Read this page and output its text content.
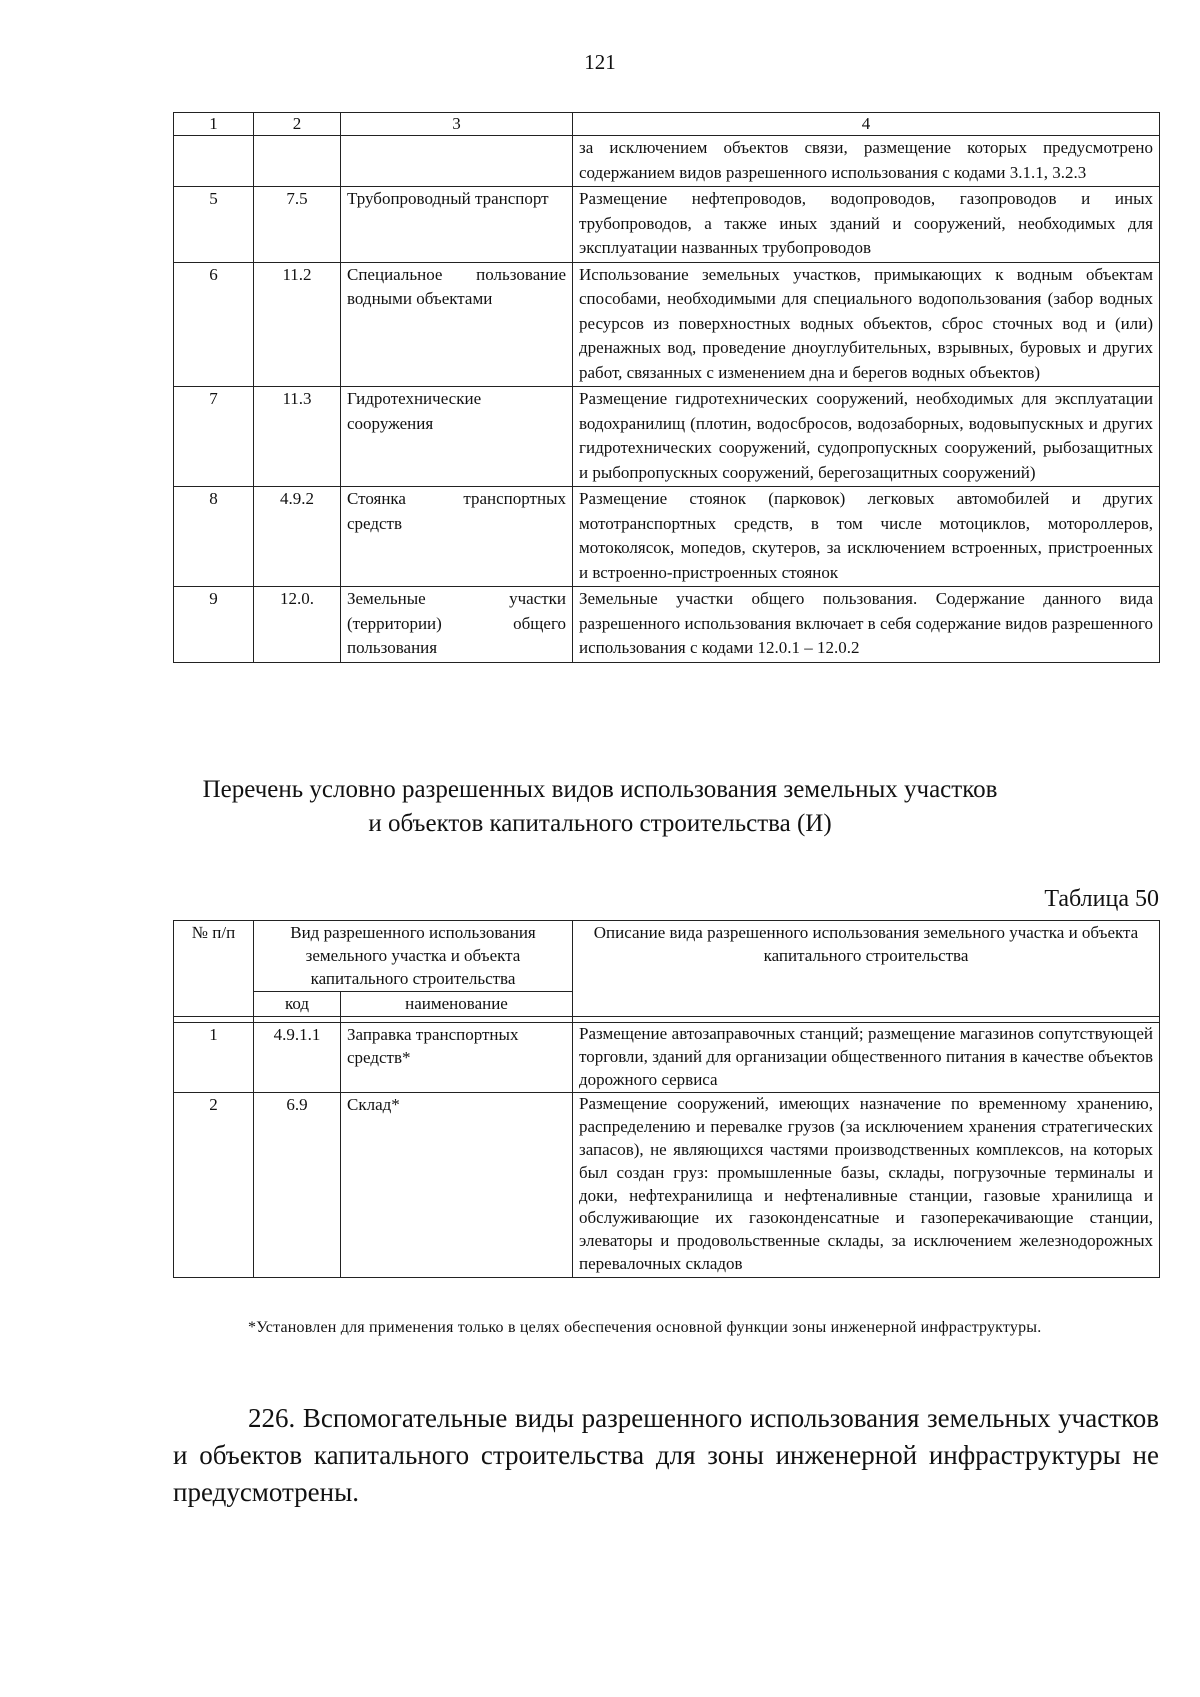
121
1	2	3	4
			за исключением объектов связи, размещение которых предусмотрено содержанием видов разрешенного использования с кодами 3.1.1, 3.2.3
5	7.5	Трубопроводный транспорт	Размещение нефтепроводов, водопроводов, газопроводов и иных трубопроводов, а также иных зданий и сооружений, необходимых для эксплуатации названных трубопроводов
6	11.2	Специальное пользование водными объектами	Использование земельных участков, примыкающих к водным объектам способами, необходимыми для специального водопользования (забор водных ресурсов из поверхностных водных объектов, сброс сточных вод и (или) дренажных вод, проведение дноуглубительных, взрывных, буровых и других работ, связанных с изменением дна и берегов водных объектов)
7	11.3	Гидротехнические сооружения	Размещение гидротехнических сооружений, необходимых для эксплуатации водохранилищ (плотин, водосбросов, водозаборных, водовыпускных и других гидротехнических сооружений, судопропускных сооружений, рыбозащитных и рыбопропускных сооружений, берегозащитных сооружений)
8	4.9.2	Стоянка транспортных средств	Размещение стоянок (парковок) легковых автомобилей и других мототранспортных средств, в том числе мотоциклов, мотороллеров, мотоколясок, мопедов, скутеров, за исключением встроенных, пристроенных и встроенно-пристроенных стоянок
9	12.0.	Земельные участки (территории) общего пользования	Земельные участки общего пользования. Содержание данного вида разрешенного использования включает в себя содержание видов разрешенного использования с кодами 12.0.1 – 12.0.2
Перечень условно разрешенных видов использования земельных участков
и объектов капитального строительства (И)
Таблица 50
№ п/п	Вид разрешенного использования земельного участка и объекта капитального строительства		Описание вида разрешенного использования земельного участка и объекта капитального строительства
	код	наименование	

1	4.9.1.1	Заправка транспортных средств*	Размещение автозаправочных станций; размещение магазинов сопутствующей торговли, зданий для организации общественного питания в качестве объектов дорожного сервиса
2	6.9	Склад*	Размещение сооружений, имеющих назначение по временному хранению, распределению и перевалке грузов (за исключением хранения стратегических запасов), не являющихся частями производственных комплексов, на которых был создан груз: промышленные базы, склады, погрузочные терминалы и доки, нефтехранилища и нефтеналивные станции, газовые хранилища и обслуживающие их газоконденсатные и газоперекачивающие станции, элеваторы и продовольственные склады, за исключением железнодорожных перевалочных складов
*Установлен для применения только в целях обеспечения основной функции зоны инженерной инфраструктуры.
226. Вспомогательные виды разрешенного использования земельных участков и объектов капитального строительства для зоны инженерной инфраструктуры не предусмотрены.
